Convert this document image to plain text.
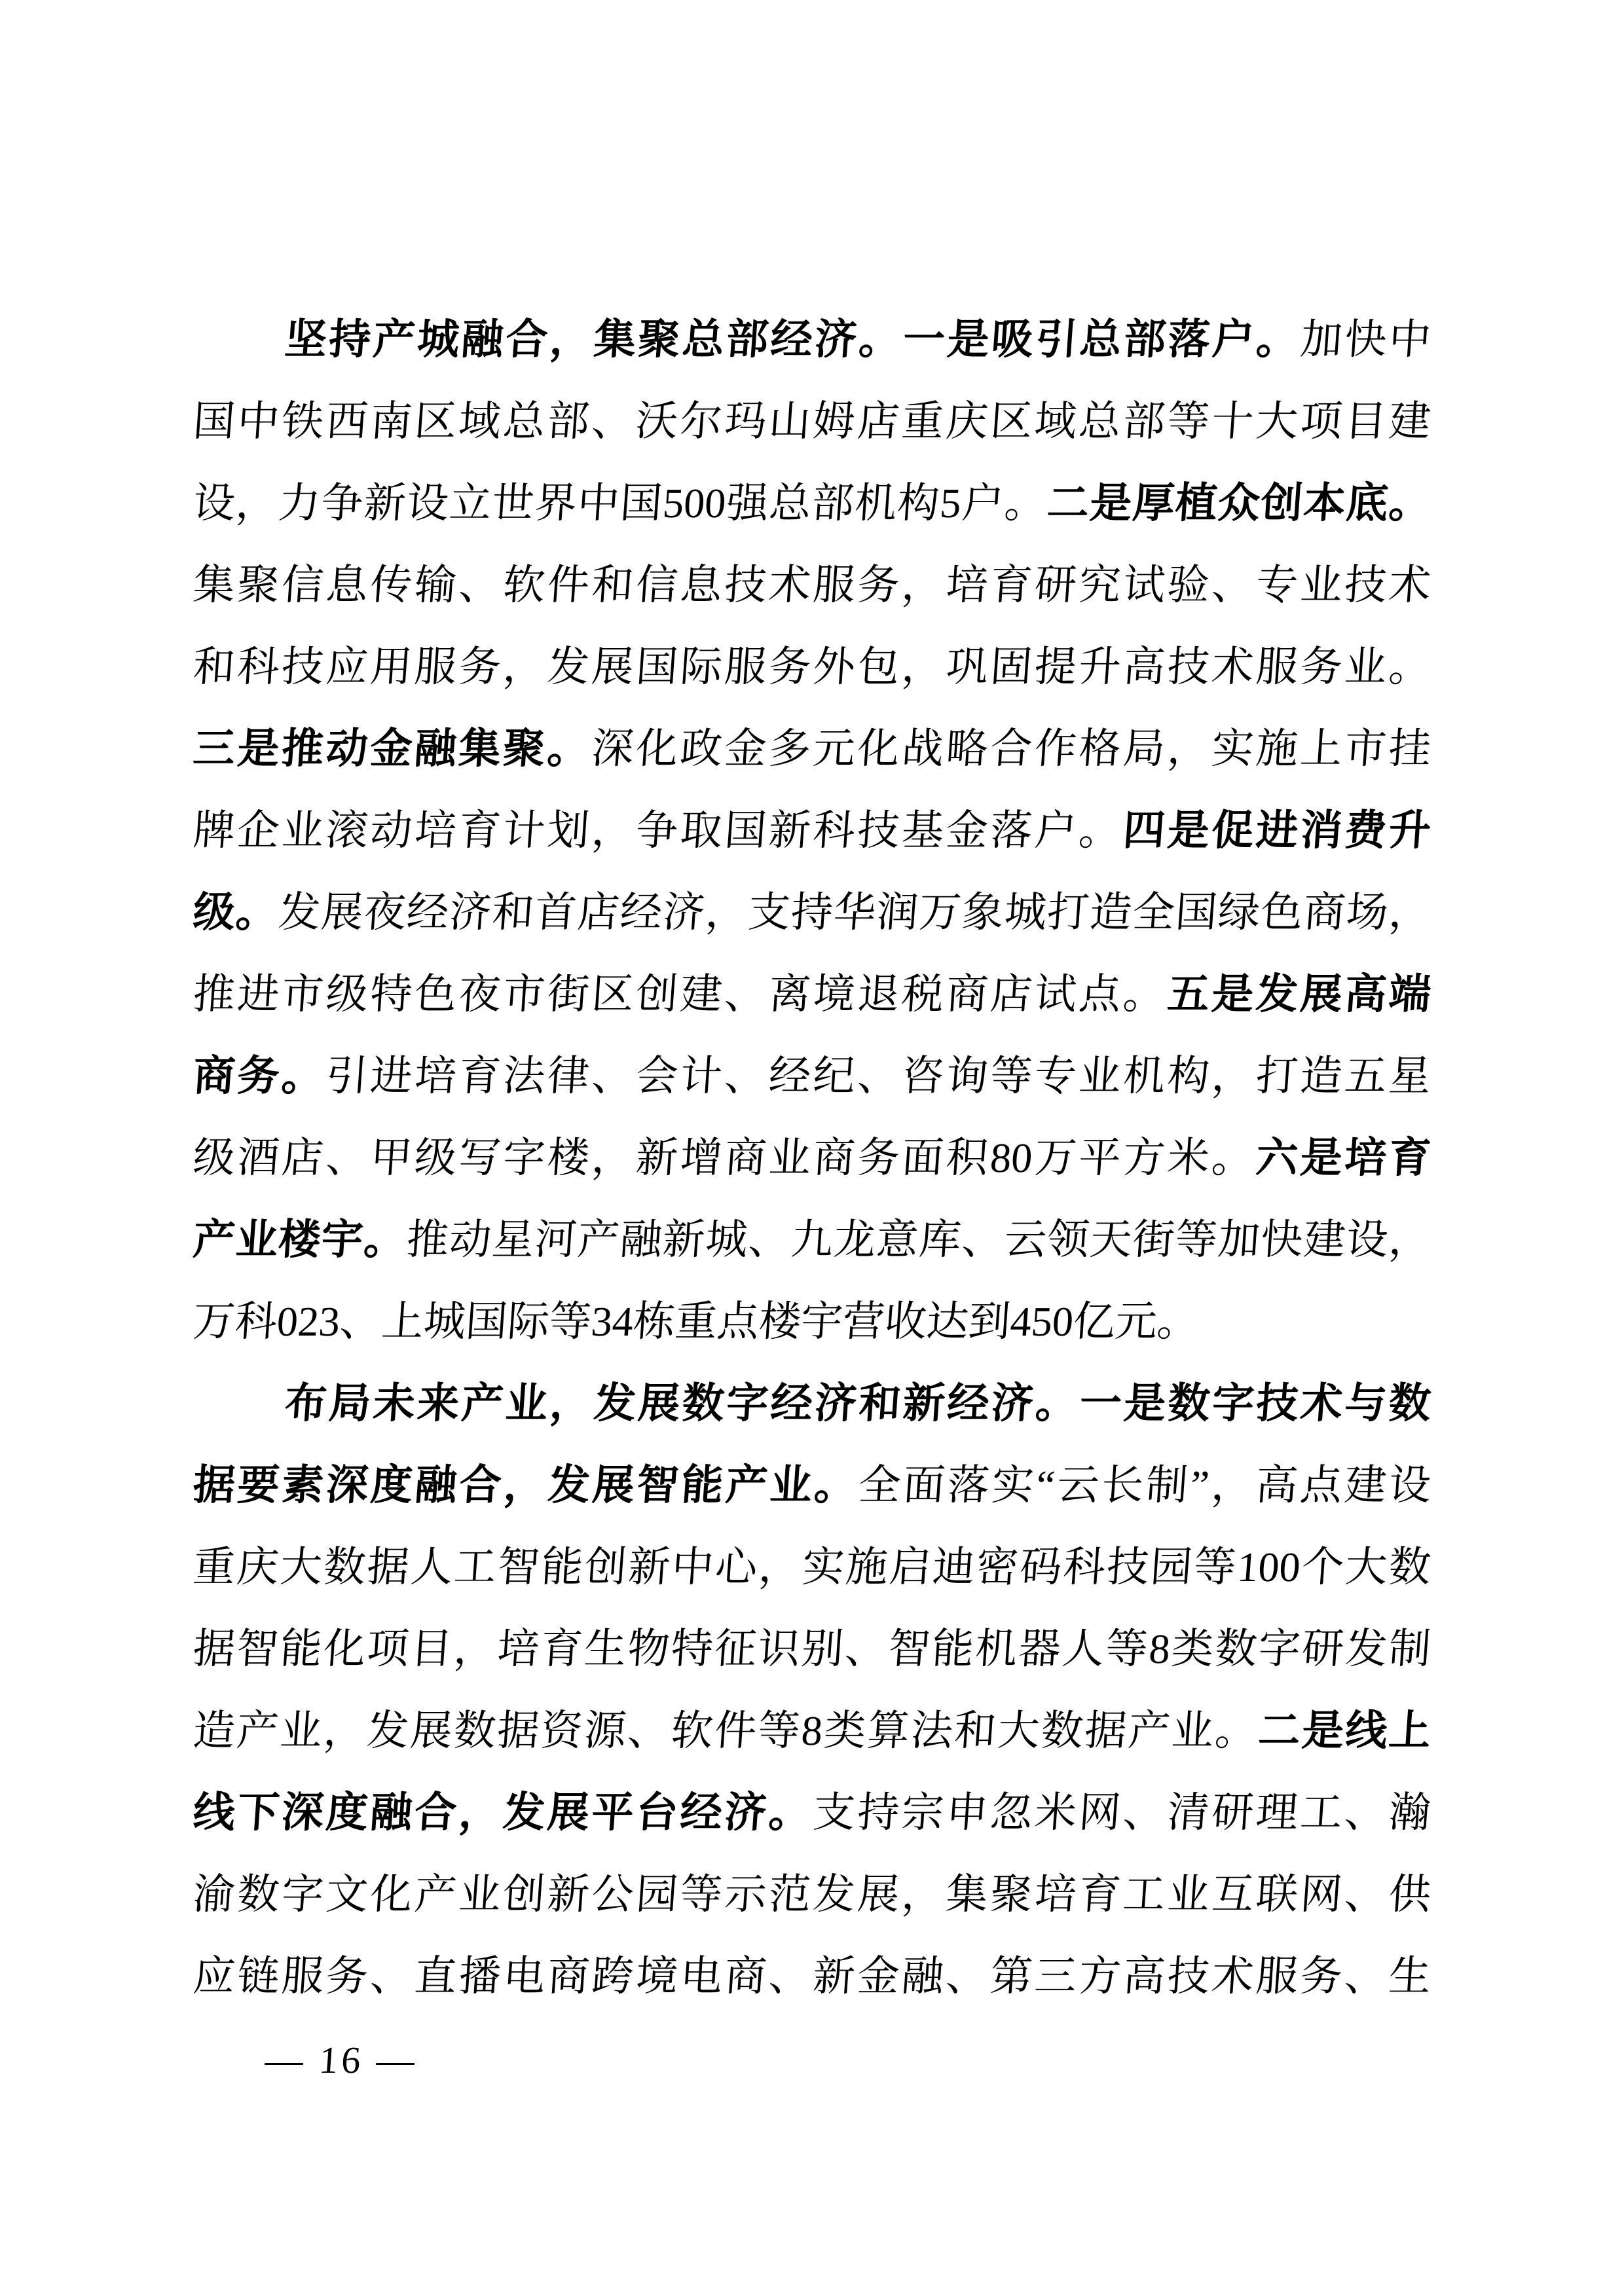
坚持产城融合，集聚总部经济。一是吸引总部落户。加快中
国中铁西南区域总部、沃尔玛山姆店重庆区域总部等十大项目建
设，力争新设立世界中国500强总部机构5户。二是厚植众创本底。
集聚信息传输、软件和信息技术服务，培育研究试验、专业技术
和科技应用服务，发展国际服务外包，巩固提升高技术服务业。
三是推动金融集聚。深化政金多元化战略合作格局，实施上市挂
牌企业滚动培育计划，争取国新科技基金落户。四是促进消费升
级。发展夜经济和首店经济，支持华润万象城打造全国绿色商场，
推进市级特色夜市街区创建、离境退税商店试点。五是发展高端
商务。引进培育法律、会计、经纪、咨询等专业机构，打造五星
级酒店、甲级写字楼，新增商业商务面积80万平方米。六是培育
产业楼宇。推动星河产融新城、九龙意库、云领天街等加快建设，
万科023、上城国际等34栋重点楼宇营收达到450亿元。
布局未来产业，发展数字经济和新经济。一是数字技术与数
据要素深度融合，发展智能产业。全面落实“云长制”，高点建设
重庆大数据人工智能创新中心，实施启迪密码科技园等100个大数
据智能化项目，培育生物特征识别、智能机器人等8类数字研发制
造产业，发展数据资源、软件等8类算法和大数据产业。二是线上
线下深度融合，发展平台经济。支持宗申忽米网、清研理工、瀚
渝数字文化产业创新公园等示范发展，集聚培育工业互联网、供
应链服务、直播电商跨境电商、新金融、第三方高技术服务、生
— 16 —
